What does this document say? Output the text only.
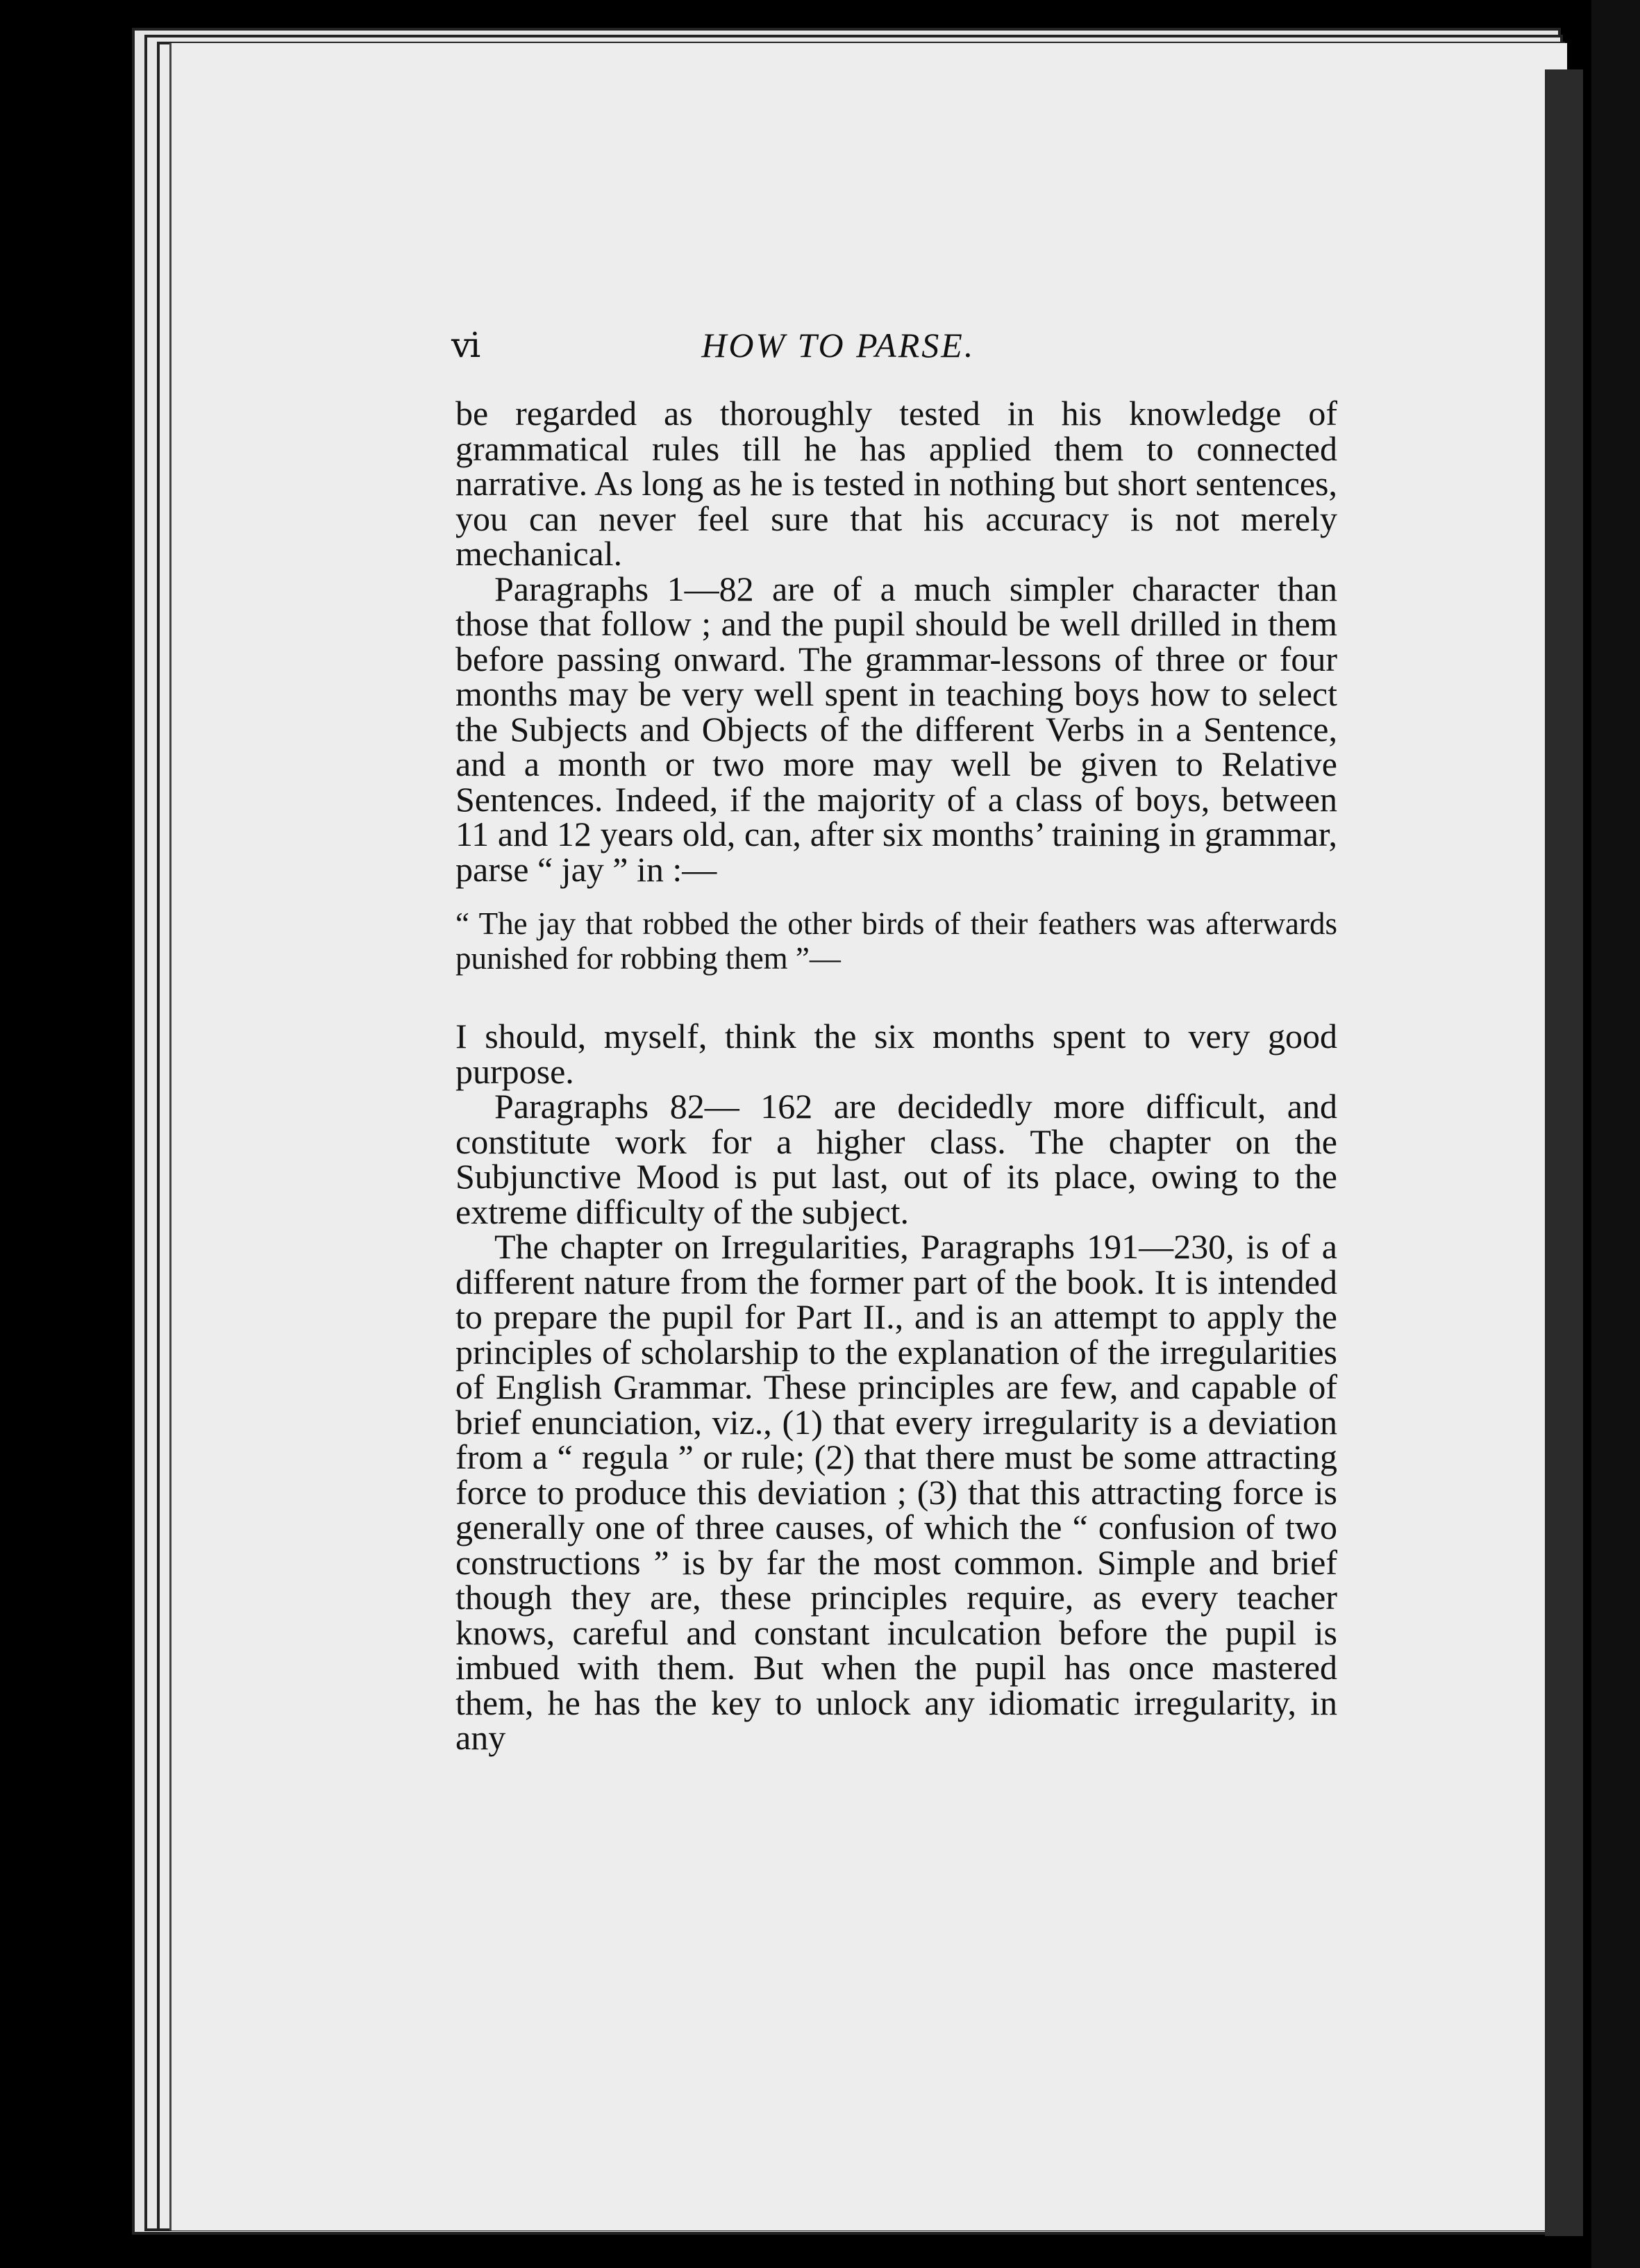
vi	HOW TO PARSE.

be regarded as thoroughly tested in his knowledge of grammatical rules till he has applied them to connected narrative. As long as he is tested in nothing but short sentences, you can never feel sure that his accuracy is not merely mechanical.

Paragraphs 1—82 are of a much simpler character than those that follow ; and the pupil should be well drilled in them before passing onward. The grammar-lessons of three or four months may be very well spent in teaching boys how to select the Subjects and Objects of the different Verbs in a Sentence, and a month or two more may well be given to Relative Sentences. Indeed, if the majority of a class of boys, between 11 and 12 years old, can, after six months’ training in grammar, parse “ jay ” in :—

“ The jay that robbed the other birds of their feathers was afterwards punished for robbing them ”—

I should, myself, think the six months spent to very good purpose.

Paragraphs 82— 162 are decidedly more difficult, and constitute work for a higher class. The chapter on the Subjunctive Mood is put last, out of its place, owing to the extreme difficulty of the subject.

The chapter on Irregularities, Paragraphs 191—230, is of a different nature from the former part of the book. It is intended to prepare the pupil for Part II., and is an attempt to apply the principles of scholarship to the explanation of the irregularities of English Grammar. These principles are few, and capable of brief enunciation, viz., (1) that every irregularity is a deviation from a “ regula ” or rule; (2) that there must be some attracting force to produce this deviation ; (3) that this attracting force is generally one of three causes, of which the “ confusion of two constructions ” is by far the most common. Simple and brief though they are, these principles require, as every teacher knows, careful and constant inculcation before the pupil is imbued with them. But when the pupil has once mastered them, he has the key to unlock any idiomatic irregularity, in any
